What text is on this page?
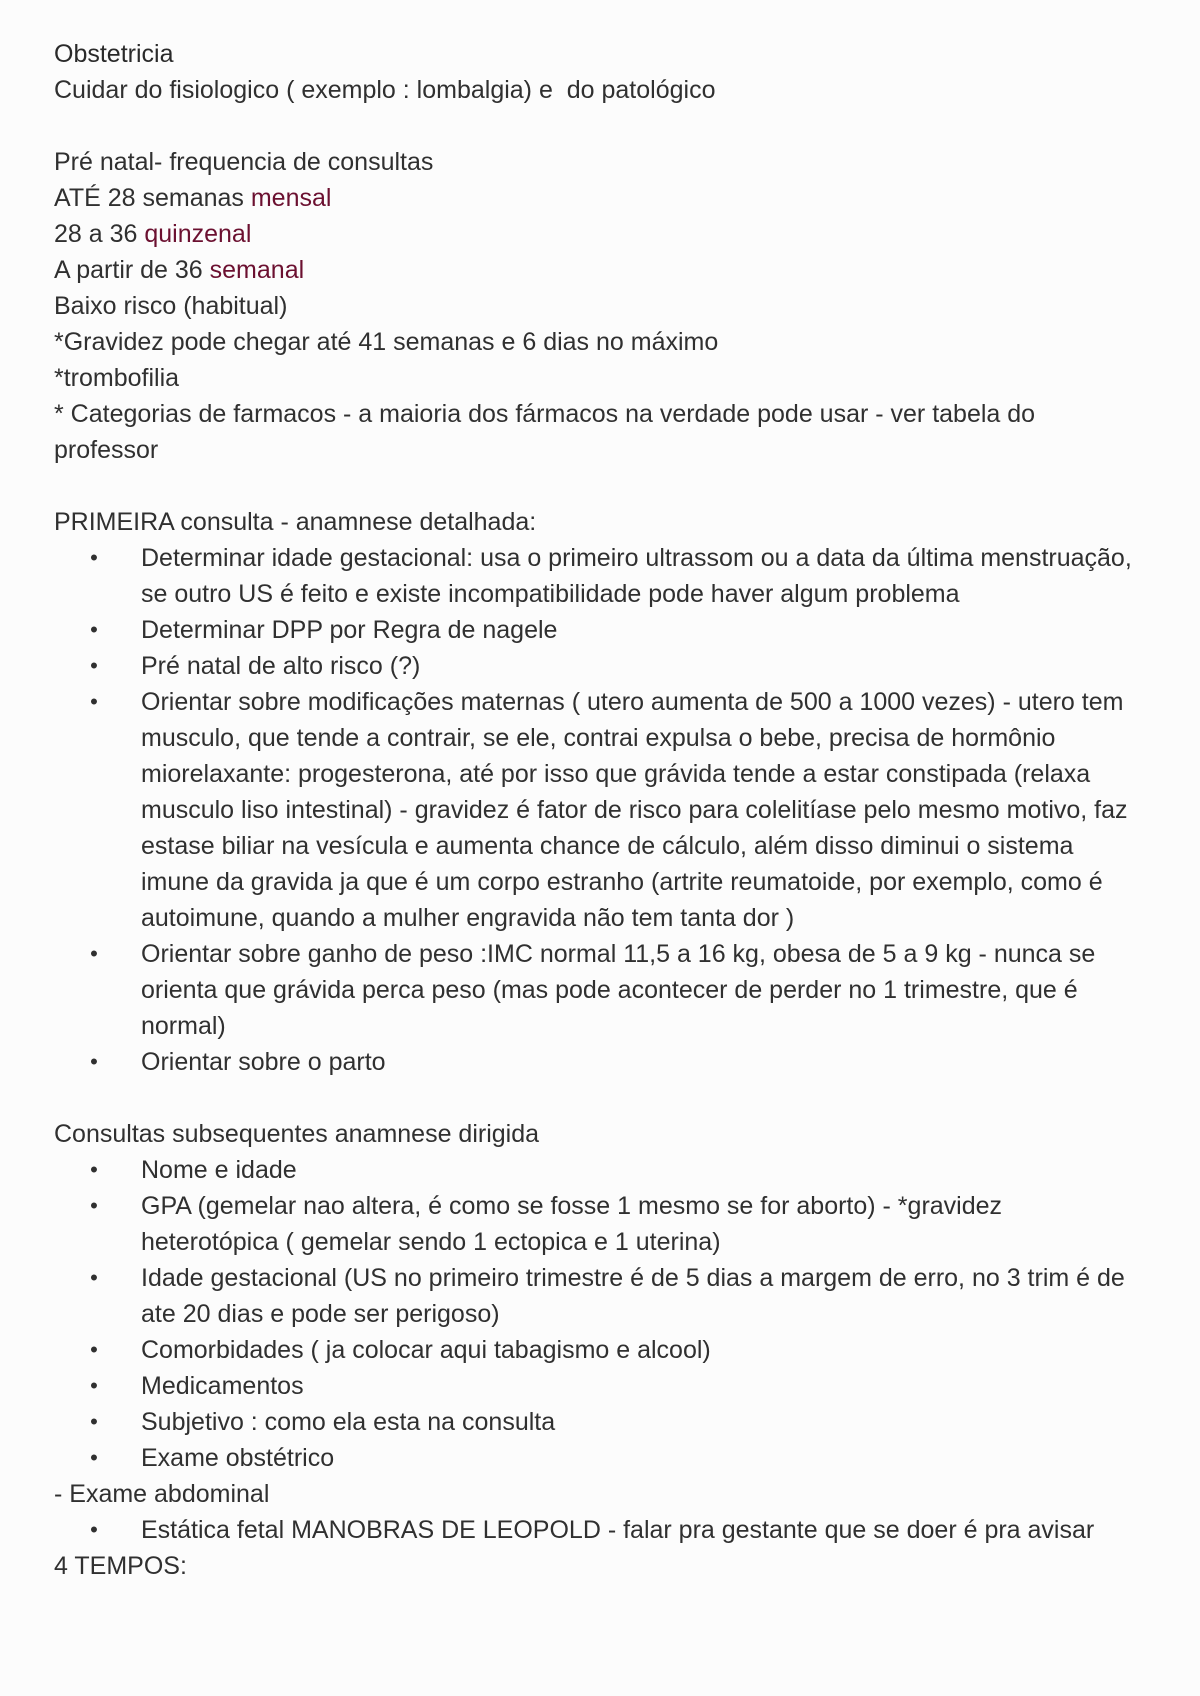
Obstetricia

Cuidar do fisiologico ( exemplo : lombalgia) e  do patológico

Pré natal- frequencia de consultas

ATÉ 28 semanas mensal

28 a 36 quinzenal

A partir de 36 semanal

Baixo risco (habitual)

*Gravidez pode chegar até 41 semanas e 6 dias no máximo

*trombofilia

* Categorias de farmacos - a maioria dos fármacos na verdade pode usar - ver tabela do professor

PRIMEIRA consulta - anamnese detalhada:

• Determinar idade gestacional: usa o primeiro ultrassom ou a data da última menstruação, se outro US é feito e existe incompatibilidade pode haver algum problema
• Determinar DPP por Regra de nagele
• Pré natal de alto risco (?)
• Orientar sobre modificações maternas ( utero aumenta de 500 a 1000 vezes) - utero tem musculo, que tende a contrair, se ele, contrai expulsa o bebe, precisa de hormônio miorelaxante: progesterona, até por isso que grávida tende a estar constipada (relaxa musculo liso intestinal) - gravidez é fator de risco para colelitíase pelo mesmo motivo, faz estase biliar na vesícula e aumenta chance de cálculo, além disso diminui o sistema imune da gravida ja que é um corpo estranho (artrite reumatoide, por exemplo, como é autoimune, quando a mulher engravida não tem tanta dor )
• Orientar sobre ganho de peso :IMC normal 11,5 a 16 kg, obesa de 5 a 9 kg - nunca se orienta que grávida perca peso (mas pode acontecer de perder no 1 trimestre, que é normal)
• Orientar sobre o parto

Consultas subsequentes anamnese dirigida

• Nome e idade
• GPA (gemelar nao altera, é como se fosse 1 mesmo se for aborto) - *gravidez heterotópica ( gemelar sendo 1 ectopica e 1 uterina)
• Idade gestacional (US no primeiro trimestre é de 5 dias a margem de erro, no 3 trim é de ate 20 dias e pode ser perigoso)
• Comorbidades ( ja colocar aqui tabagismo e alcool)
• Medicamentos
• Subjetivo : como ela esta na consulta
• Exame obstétrico

- Exame abdominal

• Estática fetal MANOBRAS DE LEOPOLD - falar pra gestante que se doer é pra avisar

4 TEMPOS:
